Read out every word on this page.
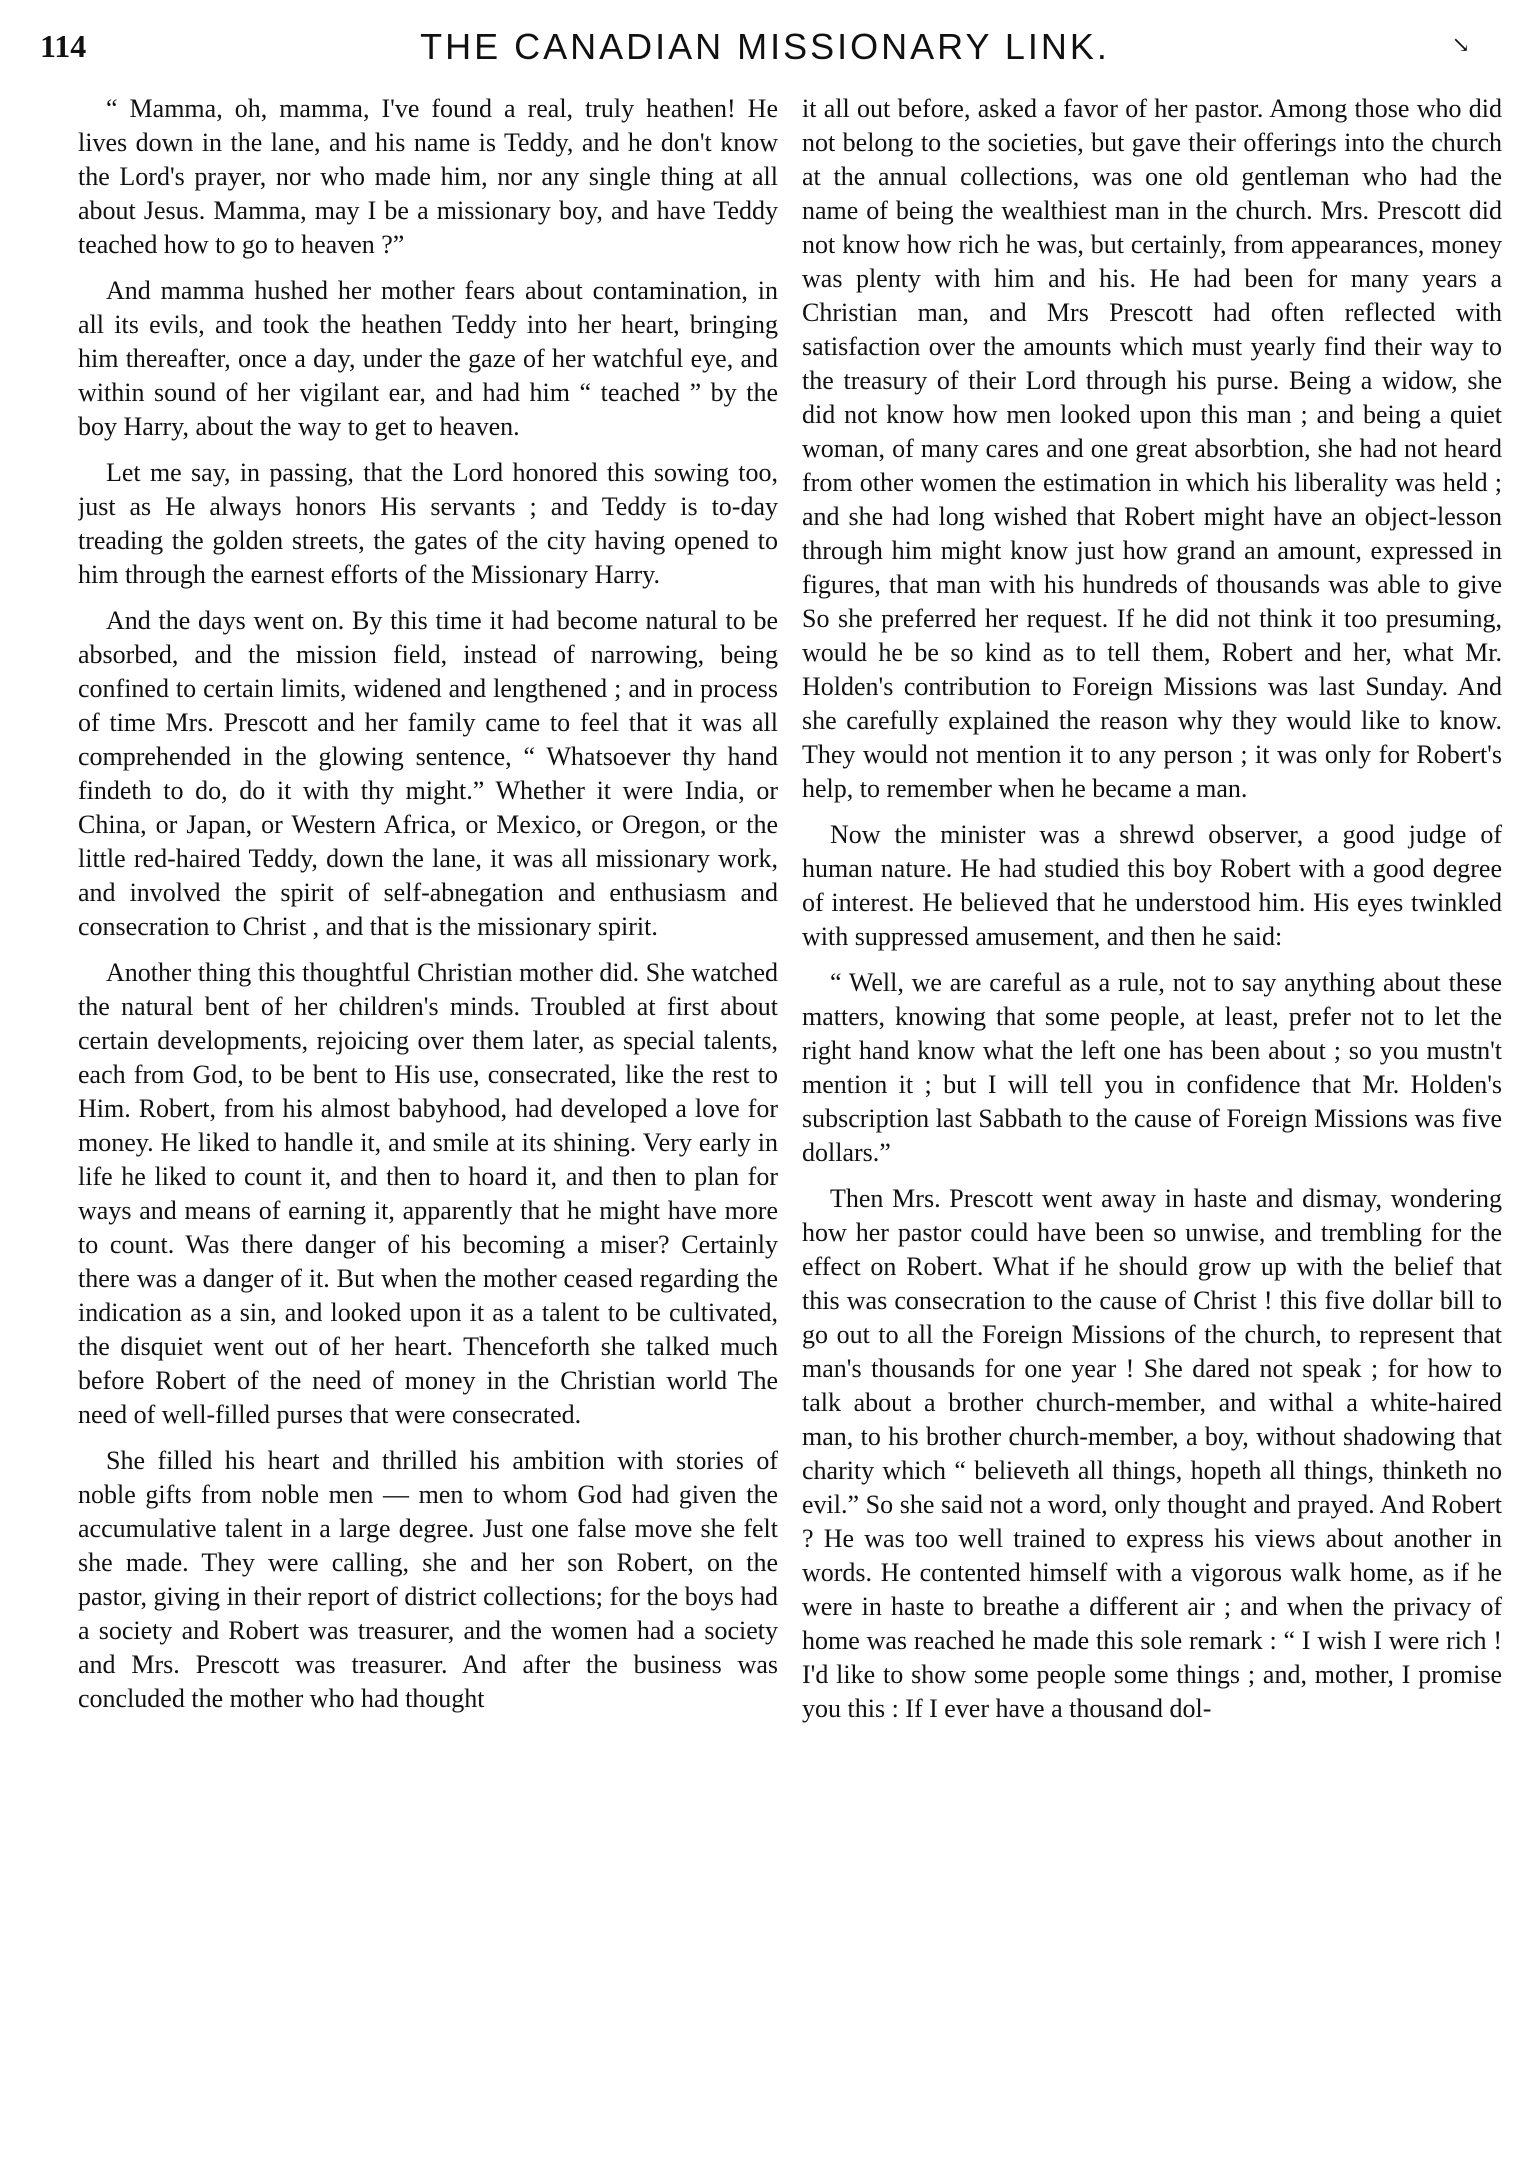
114	THE CANADIAN MISSIONARY LINK.	↘

“ Mamma, oh, mamma, I've found a real, truly heathen! He lives down in the lane, and his name is Teddy, and he don't know the Lord's prayer, nor who made him, nor any single thing at all about Jesus. Mamma, may I be a missionary boy, and have Teddy teached how to go to heaven ?”

And mamma hushed her mother fears about contamination, in all its evils, and took the heathen Teddy into her heart, bringing him thereafter, once a day, under the gaze of her watchful eye, and within sound of her vigilant ear, and had him “ teached ” by the boy Harry, about the way to get to heaven.

Let me say, in passing, that the Lord honored this sowing too, just as He always honors His servants ; and Teddy is to-day treading the golden streets, the gates of the city having opened to him through the earnest efforts of the Missionary Harry.

And the days went on. By this time it had become natural to be absorbed, and the mission field, instead of narrowing, being confined to certain limits, widened and lengthened ; and in process of time Mrs. Prescott and her family came to feel that it was all comprehended in the glowing sentence, “ Whatsoever thy hand findeth to do, do it with thy might.” Whether it were India, or China, or Japan, or Western Africa, or Mexico, or Oregon, or the little red-haired Teddy, down the lane, it was all missionary work, and involved the spirit of self-abnegation and enthusiasm and consecration to Christ , and that is the missionary spirit.

Another thing this thoughtful Christian mother did. She watched the natural bent of her children's minds. Troubled at first about certain developments, rejoicing over them later, as special talents, each from God, to be bent to His use, consecrated, like the rest to Him. Robert, from his almost babyhood, had developed a love for money. He liked to handle it, and smile at its shining. Very early in life he liked to count it, and then to hoard it, and then to plan for ways and means of earning it, apparently that he might have more to count. Was there danger of his becoming a miser? Certainly there was a danger of it. But when the mother ceased regarding the indication as a sin, and looked upon it as a talent to be cultivated, the disquiet went out of her heart. Thenceforth she talked much before Robert of the need of money in the Christian world The need of well-filled purses that were consecrated.

She filled his heart and thrilled his ambition with stories of noble gifts from noble men — men to whom God had given the accumulative talent in a large degree. Just one false move she felt she made. They were calling, she and her son Robert, on the pastor, giving in their report of district collections; for the boys had a society and Robert was treasurer, and the women had a society and Mrs. Prescott was treasurer. And after the business was concluded the mother who had thought

it all out before, asked a favor of her pastor. Among those who did not belong to the societies, but gave their offerings into the church at the annual collections, was one old gentleman who had the name of being the wealthiest man in the church. Mrs. Prescott did not know how rich he was, but certainly, from appearances, money was plenty with him and his. He had been for many years a Christian man, and Mrs Prescott had often reflected with satisfaction over the amounts which must yearly find their way to the treasury of their Lord through his purse. Being a widow, she did not know how men looked upon this man ; and being a quiet woman, of many cares and one great absorbtion, she had not heard from other women the estimation in which his liberality was held ; and she had long wished that Robert might have an object-lesson through him might know just how grand an amount, expressed in figures, that man with his hundreds of thousands was able to give So she preferred her request. If he did not think it too presuming, would he be so kind as to tell them, Robert and her, what Mr. Holden's contribution to Foreign Missions was last Sunday. And she carefully explained the reason why they would like to know. They would not mention it to any person ; it was only for Robert's help, to remember when he became a man.

Now the minister was a shrewd observer, a good judge of human nature. He had studied this boy Robert with a good degree of interest. He believed that he understood him. His eyes twinkled with suppressed amusement, and then he said:

“ Well, we are careful as a rule, not to say anything about these matters, knowing that some people, at least, prefer not to let the right hand know what the left one has been about ; so you mustn't mention it ; but I will tell you in confidence that Mr. Holden's subscription last Sabbath to the cause of Foreign Missions was five dollars.”

Then Mrs. Prescott went away in haste and dismay, wondering how her pastor could have been so unwise, and trembling for the effect on Robert. What if he should grow up with the belief that this was consecration to the cause of Christ ! this five dollar bill to go out to all the Foreign Missions of the church, to represent that man's thousands for one year ! She dared not speak ; for how to talk about a brother church-member, and withal a white-haired man, to his brother church-member, a boy, without shadowing that charity which “ believeth all things, hopeth all things, thinketh no evil.” So she said not a word, only thought and prayed. And Robert ? He was too well trained to express his views about another in words. He contented himself with a vigorous walk home, as if he were in haste to breathe a different air ; and when the privacy of home was reached he made this sole remark : “ I wish I were rich ! I'd like to show some people some things ; and, mother, I promise you this : If I ever have a thousand dol-
